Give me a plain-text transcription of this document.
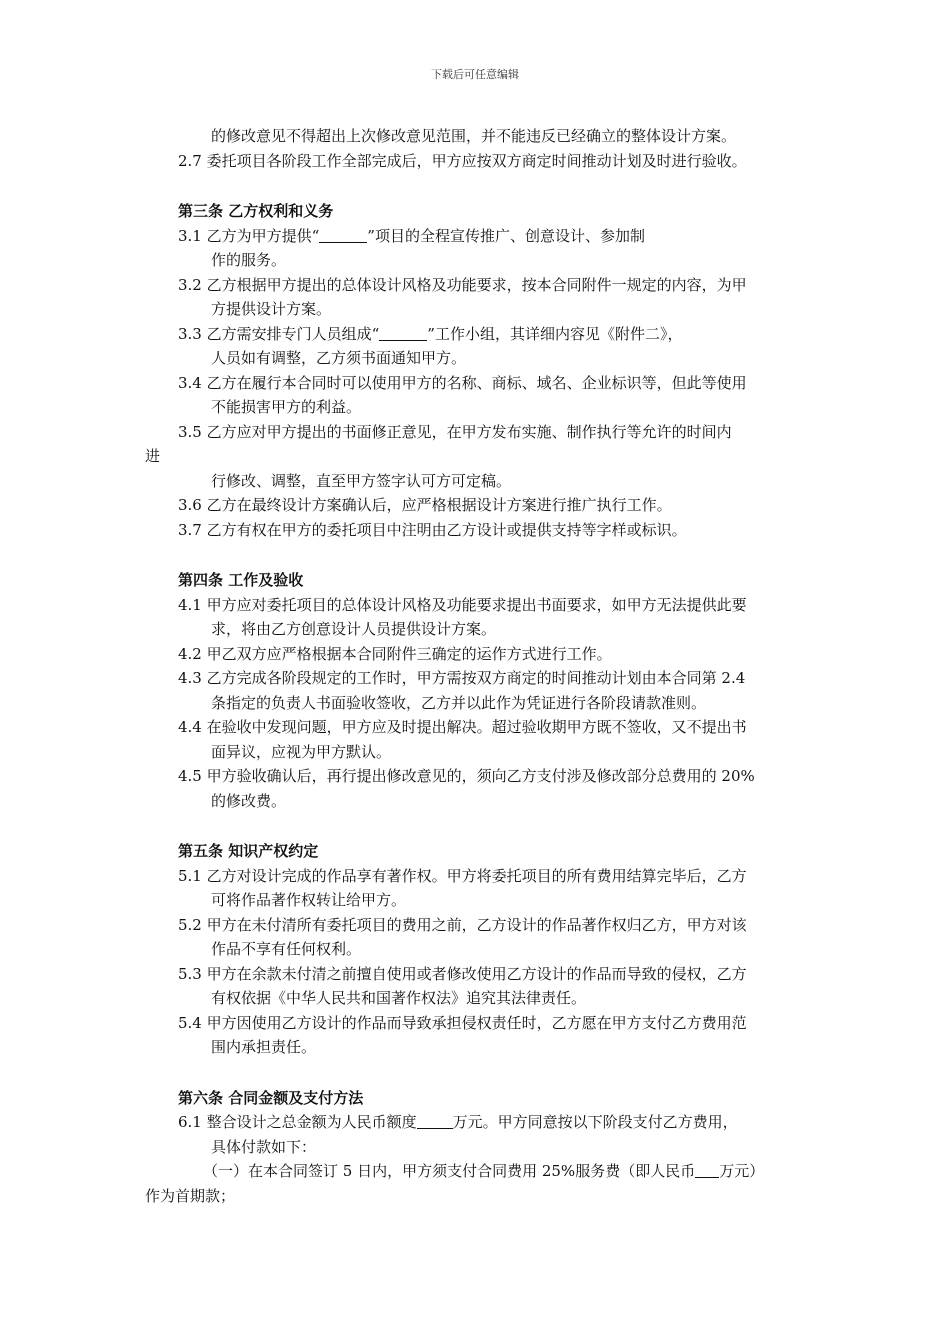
下载后可任意编辑
的修改意见不得超出上次修改意见范围，并不能违反已经确立的整体设计方案。
2.7 委托项目各阶段工作全部完成后，甲方应按双方商定时间推动计划及时进行验收。
第三条 乙方权利和义务
3.1 乙方为甲方提供“	”项目的全程宣传推广、创意设计、参加制
作的服务。
3.2 乙方根据甲方提出的总体设计风格及功能要求，按本合同附件一规定的内容，为甲
方提供设计方案。
3.3 乙方需安排专门人员组成“	”工作小组，其详细内容见《附件二》，
人员如有调整，乙方须书面通知甲方。
3.4 乙方在履行本合同时可以使用甲方的名称、商标、域名、企业标识等，但此等使用
不能损害甲方的利益。
3.5 乙方应对甲方提出的书面修正意见，在甲方发布实施、制作执行等允许的时间内
进
行修改、调整，直至甲方签字认可方可定稿。
3.6 乙方在最终设计方案确认后，应严格根据设计方案进行推广执行工作。
3.7 乙方有权在甲方的委托项目中注明由乙方设计或提供支持等字样或标识。
第四条 工作及验收
4.1 甲方应对委托项目的总体设计风格及功能要求提出书面要求，如甲方无法提供此要
求，将由乙方创意设计人员提供设计方案。
4.2 甲乙双方应严格根据本合同附件三确定的运作方式进行工作。
4.3 乙方完成各阶段规定的工作时，甲方需按双方商定的时间推动计划由本合同第 2.4
条指定的负责人书面验收签收，乙方并以此作为凭证进行各阶段请款准则。
4.4 在验收中发现问题，甲方应及时提出解决。超过验收期甲方既不签收，又不提出书
面异议，应视为甲方默认。
4.5 甲方验收确认后，再行提出修改意见的，须向乙方支付涉及修改部分总费用的 20%
的修改费。
第五条 知识产权约定
5.1 乙方对设计完成的作品享有著作权。甲方将委托项目的所有费用结算完毕后，乙方
可将作品著作权转让给甲方。
5.2 甲方在未付清所有委托项目的费用之前，乙方设计的作品著作权归乙方，甲方对该
作品不享有任何权利。
5.3 甲方在余款未付清之前擅自使用或者修改使用乙方设计的作品而导致的侵权，乙方
有权依据《中华人民共和国著作权法》追究其法律责任。
5.4 甲方因使用乙方设计的作品而导致承担侵权责任时，乙方愿在甲方支付乙方费用范
围内承担责任。
第六条 合同金额及支付方法
6.1 整合设计之总金额为人民币额度 万元。甲方同意按以下阶段支付乙方费用，
具体付款如下：
（一）在本合同签订 5 日内，甲方须支付合同费用 25%服务费（即人民币 万元）
作为首期款；
